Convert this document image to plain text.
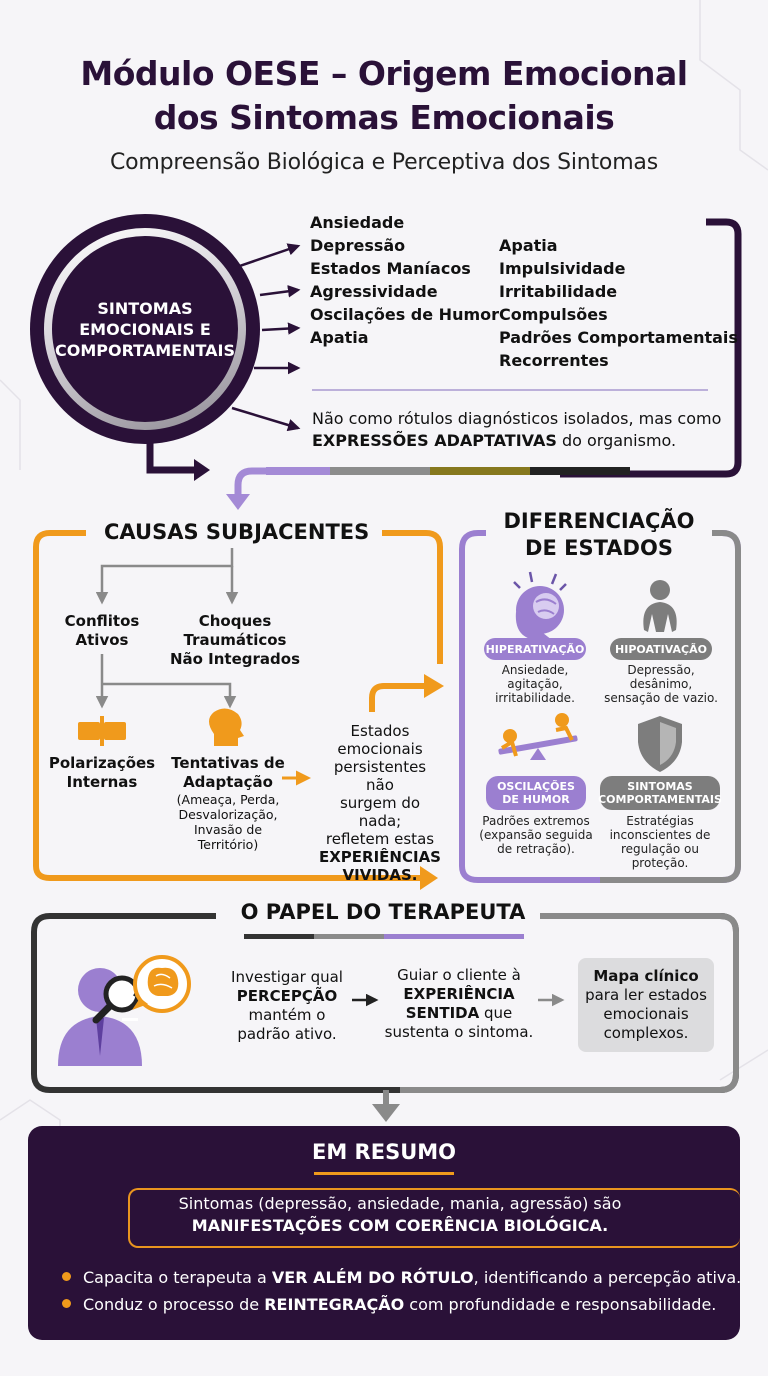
Módulo OESE – Origem Emocional
dos Sintomas Emocionais
Compreensão Biológica e Perceptiva dos Sintomas
SINTOMAS
EMOCIONAIS E
COMPORTAMENTAIS
Ansiedade
Depressão
Estados Maníacos
Agressividade
Oscilações de Humor
Apatia
Apatia
Impulsividade
Irritabilidade
Compulsões
Padrões Comportamentais
Recorrentes
Não como rótulos diagnósticos isolados, mas como
EXPRESSÕES ADAPTATIVAS do organismo.
CAUSAS SUBJACENTES
Conflitos
Ativos
Choques
Traumáticos
Não Integrados
Polarizações
Internas
Tentativas de
Adaptação
(Ameaça, Perda,
Desvalorização,
Invasão de
Território)
Estados
emocionais
persistentes não
surgem do nada;
refletem estas
EXPERIÊNCIAS
VIVIDAS.
DIFERENCIAÇÃO
DE ESTADOS
HIPERATIVAÇÃO
Ansiedade,
agitação,
irritabilidade.
HIPOATIVAÇÃO
Depressão,
desânimo,
sensação de vazio.
OSCILAÇÕES
DE HUMOR
Padrões extremos
(expansão seguida
de retração).
SINTOMAS
COMPORTAMENTAIS
Estratégias
inconscientes de
regulação ou
proteção.
O PAPEL DO TERAPEUTA
Investigar qual
PERCEPÇÃO
mantém o
padrão ativo.
Guiar o cliente à
EXPERIÊNCIA
SENTIDA que
sustenta o sintoma.
Mapa clínico
para ler estados
emocionais
complexos.
EM RESUMO
Sintomas (depressão, ansiedade, mania, agressão) são
MANIFESTAÇÕES COM COERÊNCIA BIOLÓGICA.
Capacita o terapeuta a VER ALÉM DO RÓTULO, identificando a percepção ativa.
Conduz o processo de REINTEGRAÇÃO com profundidade e responsabilidade.
